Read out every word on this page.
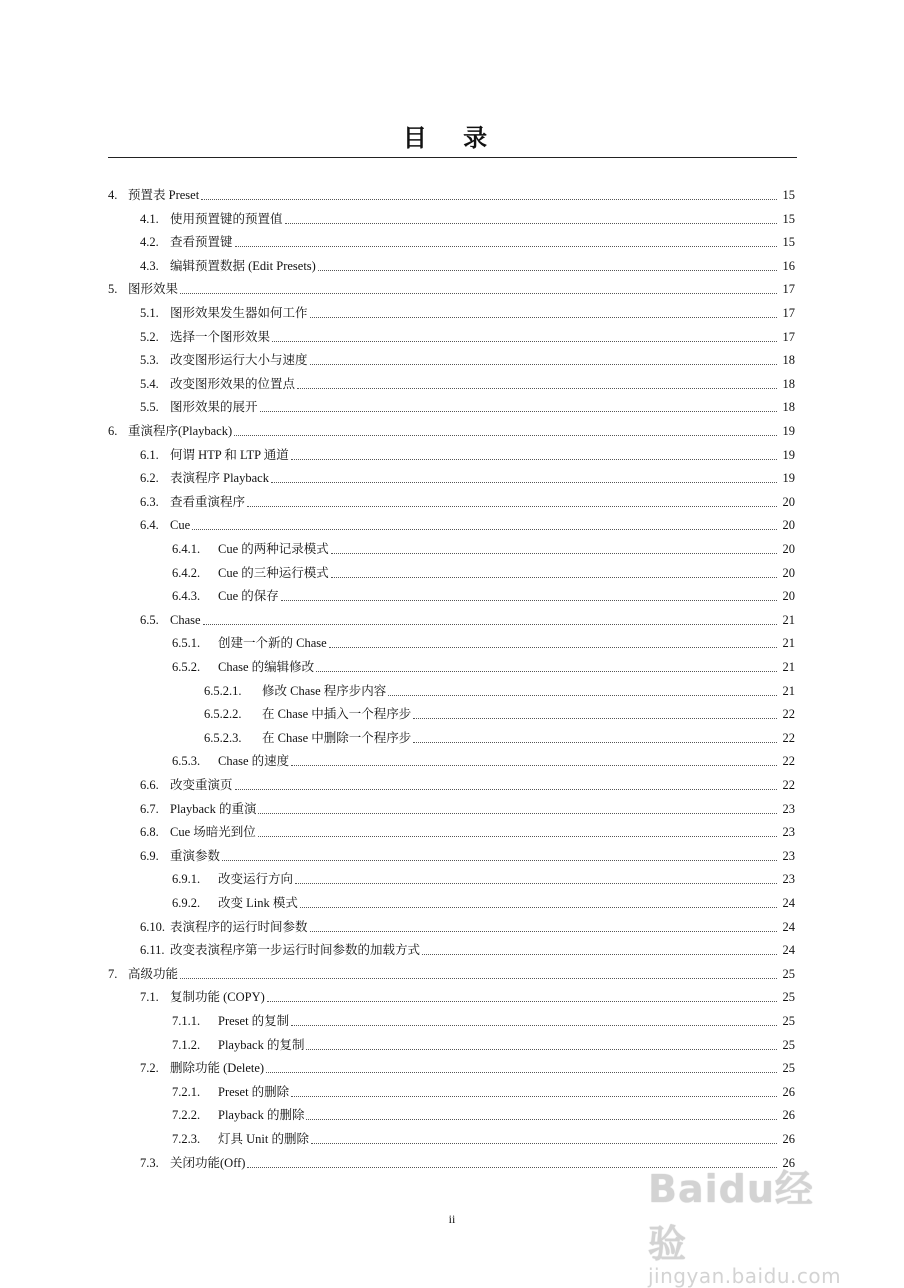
目 录
4. 预置表 Preset	15
4.1. 使用预置键的预置值	15
4.2. 查看预置键	15
4.3. 编辑预置数据 (Edit Presets)	16
5. 图形效果	17
5.1. 图形效果发生器如何工作	17
5.2. 选择一个图形效果	17
5.3. 改变图形运行大小与速度	18
5.4. 改变图形效果的位置点	18
5.5. 图形效果的展开	18
6. 重演程序(Playback)	19
6.1. 何谓 HTP 和 LTP 通道	19
6.2. 表演程序 Playback	19
6.3. 查看重演程序	20
6.4. Cue	20
6.4.1.	Cue 的两种记录模式	20
6.4.2.	Cue 的三种运行模式	20
6.4.3.	Cue 的保存	20
6.5. Chase	21
6.5.1.	创建一个新的 Chase	21
6.5.2.	Chase 的编辑修改	21
6.5.2.1.	修改 Chase 程序步内容	21
6.5.2.2.	在 Chase 中插入一个程序步	22
6.5.2.3.	在 Chase 中删除一个程序步	22
6.5.3.	Chase 的速度	22
6.6. 改变重演页	22
6.7. Playback 的重演	23
6.8. Cue 场暗光到位	23
6.9. 重演参数	23
6.9.1.	改变运行方向	23
6.9.2.	改变 Link 模式	24
6.10. 表演程序的运行时间参数	24
6.11. 改变表演程序第一步运行时间参数的加载方式	24
7. 高级功能	25
7.1. 复制功能 (COPY)	25
7.1.1.	Preset 的复制	25
7.1.2.	Playback 的复制	25
7.2. 删除功能 (Delete)	25
7.2.1.	Preset 的删除	26
7.2.2.	Playback 的删除	26
7.2.3.	灯具 Unit 的删除	26
7.3. 关闭功能(Off)	26
ii
Baidu经验
jingyan.baidu.com
